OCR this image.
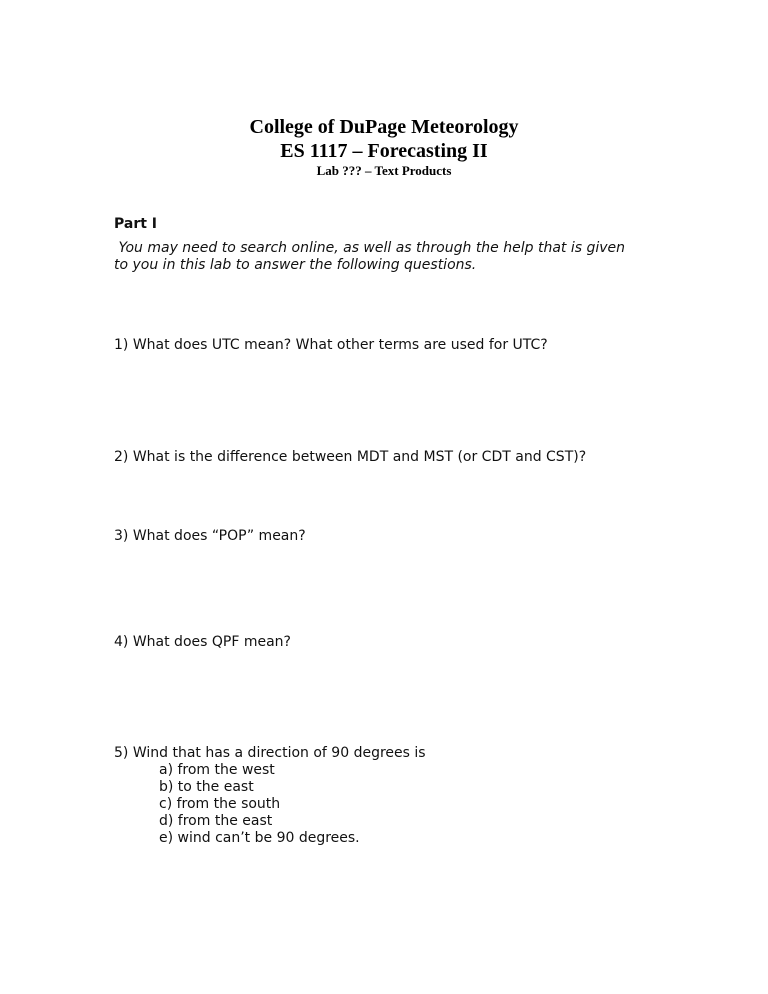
College of DuPage Meteorology
ES 1117 – Forecasting II
Lab ??? – Text Products
Part I
You may need to search online, as well as through the help that is given
to you in this lab to answer the following questions.
1) What does UTC mean? What other terms are used for UTC?
2) What is the difference between MDT and MST (or CDT and CST)?
3) What does “POP” mean?
4) What does QPF mean?
5) Wind that has a direction of 90 degrees is
a) from the west
b) to the east
c) from the south
d) from the east
e) wind can’t be 90 degrees.
